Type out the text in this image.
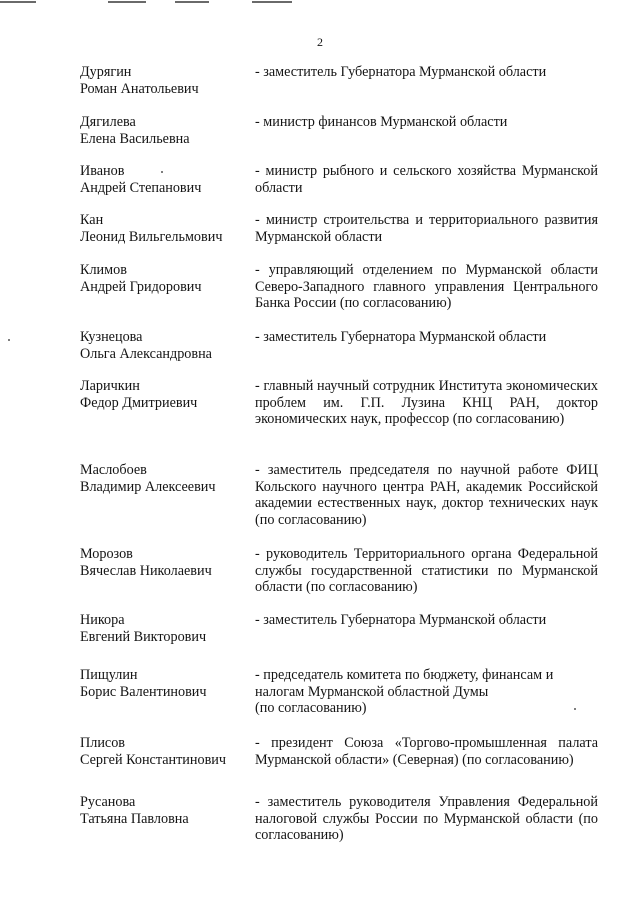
2
Дурягин
Роман Анатольевич
- заместитель Губернатора Мурманской области
Дягилева
Елена Васильевна
- министр финансов Мурманской области
Иванов
Андрей Степанович
- министр рыбного и сельского хозяйства Мурманской области
Кан
Леонид Вильгельмович
- министр строительства и территориального развития Мурманской области
Климов
Андрей Гридорович
- управляющий отделением по Мурманской области Северо-Западного главного управления Центрального Банка России (по согласованию)
Кузнецова
Ольга Александровна
- заместитель Губернатора Мурманской области
Ларичкин
Федор Дмитриевич
- главный научный сотрудник Института экономических проблем им. Г.П. Лузина КНЦ РАН, доктор экономических наук, профессор (по согласованию)
Маслобоев
Владимир Алексеевич
- заместитель председателя по научной работе ФИЦ Кольского научного центра РАН, академик Российской академии естественных наук, доктор технических наук (по согласованию)
Морозов
Вячеслав Николаевич
- руководитель Территориального органа Федеральной службы государственной статистики по Мурманской области (по согласованию)
Никора
Евгений Викторович
- заместитель Губернатора Мурманской области
Пищулин
Борис Валентинович
- председатель комитета по бюджету, финансам и налогам Мурманской областной Думы
(по согласованию)
Плисов
Сергей Константинович
- президент Союза «Торгово-промышленная палата Мурманской области» (Северная) (по согласованию)
Русанова
Татьяна Павловна
- заместитель руководителя Управления Федеральной налоговой службы России по Мурманской области (по согласованию)
